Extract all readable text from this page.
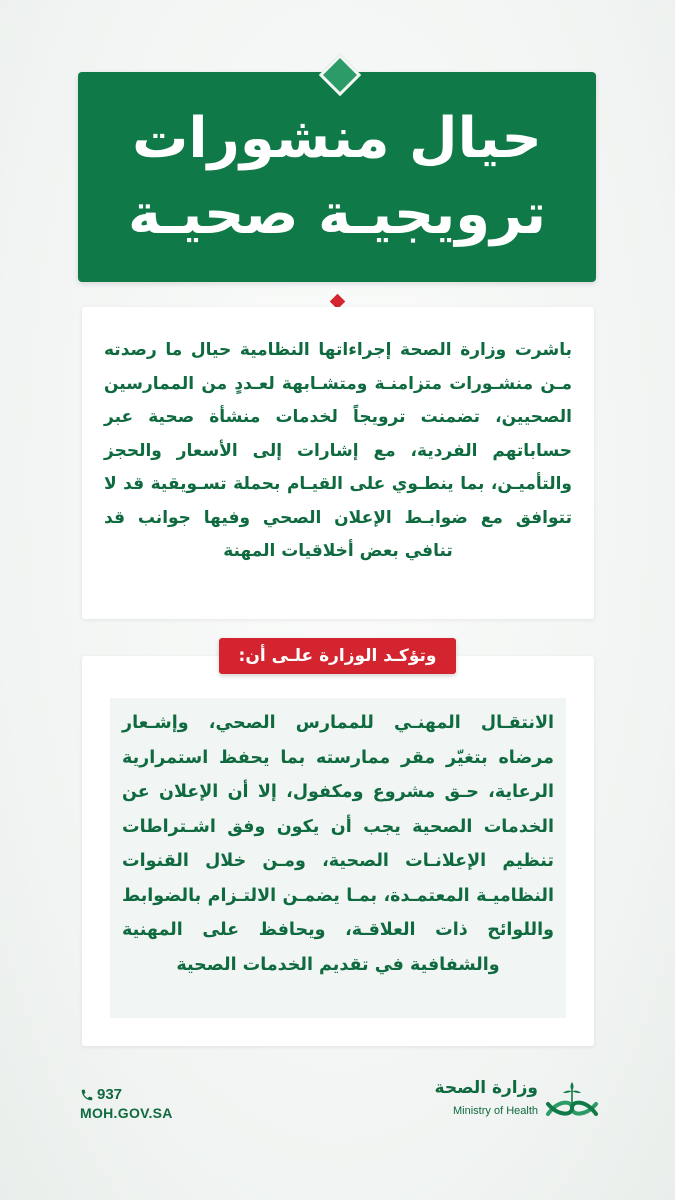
حيال منشورات
ترويجيـة صحيـة

باشرت وزارة الصحة إجراءاتها النظامية حيال ما رصدته مـن منشـورات متزامنـة ومتشـابهة لعـددٍ من الممارسين الصحيين، تضمنت ترويجاً لخدمات منشأة صحية عبر حساباتهم الفردية، مع إشارات إلى الأسعار والحجز والتأميـن، بما ينطـوي على القيـام بحملة تسـويقية قد لا تتوافق مع ضوابـط الإعلان الصحي وفيها جوانب قد تنافي بعض أخلاقيات المهنة

الانتقـال المهنـي للممارس الصحي، وإشـعار مرضاه بتغيّر مقر ممارسته بما يحفظ استمرارية الرعاية، حـق مشروع ومكفول، إلا أن الإعلان عن الخدمات الصحية يجب أن يكون وفق اشـتراطات تنظيم الإعلانـات الصحية، ومـن خلال القنوات النظاميـة المعتمـدة، بمـا يضمـن الالتـزام بالضوابط واللوائح ذات العلاقـة، ويحافظ على المهنية والشفافية في تقديم الخدمات الصحية

وتؤكـد الوزارة علـى أن:
937
MOH.GOV.SA
وزارة الصحة
Ministry of Health
